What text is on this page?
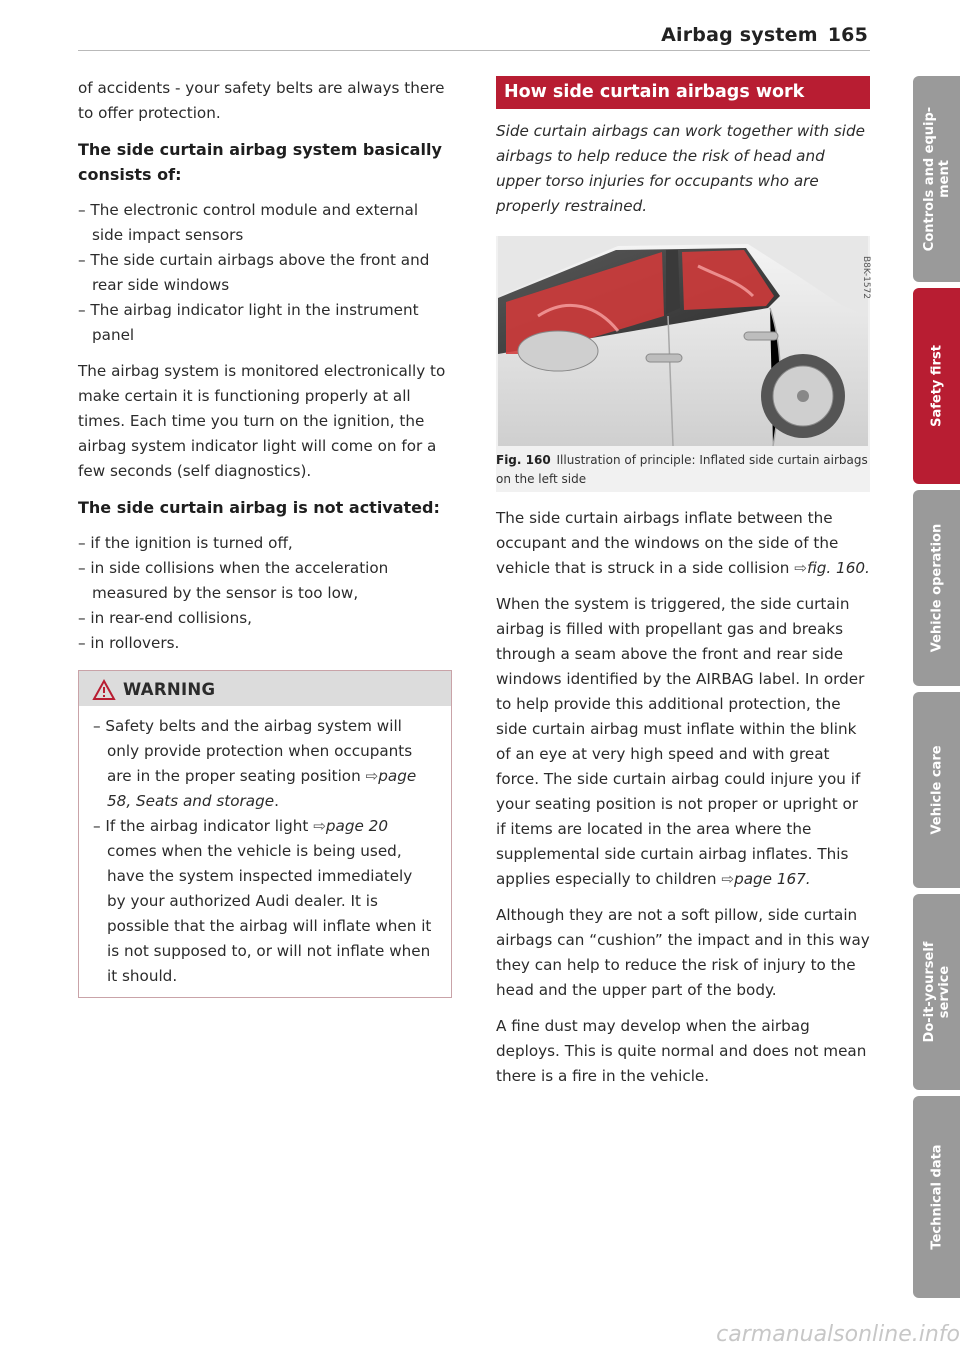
Airbag system 165

of accidents - your safety belts are always there to offer protection.

The side curtain airbag system basically consists of:
– The electronic control module and external side impact sensors
– The side curtain airbags above the front and rear side windows
– The airbag indicator light in the instrument panel

The airbag system is monitored electronically to make certain it is functioning properly at all times. Each time you turn on the ignition, the airbag system indicator light will come on for a few seconds (self diagnostics).

The side curtain airbag is not activated:
– if the ignition is turned off,
– in side collisions when the acceleration measured by the sensor is too low,
– in rear-end collisions,
– in rollovers.
WARNING
– Safety belts and the airbag system will only provide protection when occupants are in the proper seating position ⇨page 58, Seats and storage.
– If the airbag indicator light ⇨page 20 comes when the vehicle is being used, have the system inspected immediately by your authorized Audi dealer. It is possible that the airbag will inflate when it is not supposed to, or will not inflate when it should.
How side curtain airbags work

Side curtain airbags can work together with side airbags to help reduce the risk of head and upper torso injuries for occupants who are properly restrained.

B8K-1572
Fig. 160 Illustration of principle: Inflated side curtain airbags on the left side

The side curtain airbags inflate between the occupant and the windows on the side of the vehicle that is struck in a side collision ⇨fig. 160.

When the system is triggered, the side curtain airbag is filled with propellant gas and breaks through a seam above the front and rear side windows identified by the AIRBAG label. In order to help provide this additional protection, the side curtain airbag must inflate within the blink of an eye at very high speed and with great force. The side curtain airbag could injure you if your seating position is not proper or upright or if items are located in the area where the supplemental side curtain airbag inflates. This applies especially to children ⇨page 167.

Although they are not a soft pillow, side curtain airbags can “cushion” the impact and in this way they can help to reduce the risk of injury to the head and the upper part of the body.

A fine dust may develop when the airbag deploys. This is quite normal and does not mean there is a fire in the vehicle.

Controls and equip- ment
Safety first
Vehicle operation
Vehicle care
Do-it-yourself service
Technical data
carmanualsonline.info
